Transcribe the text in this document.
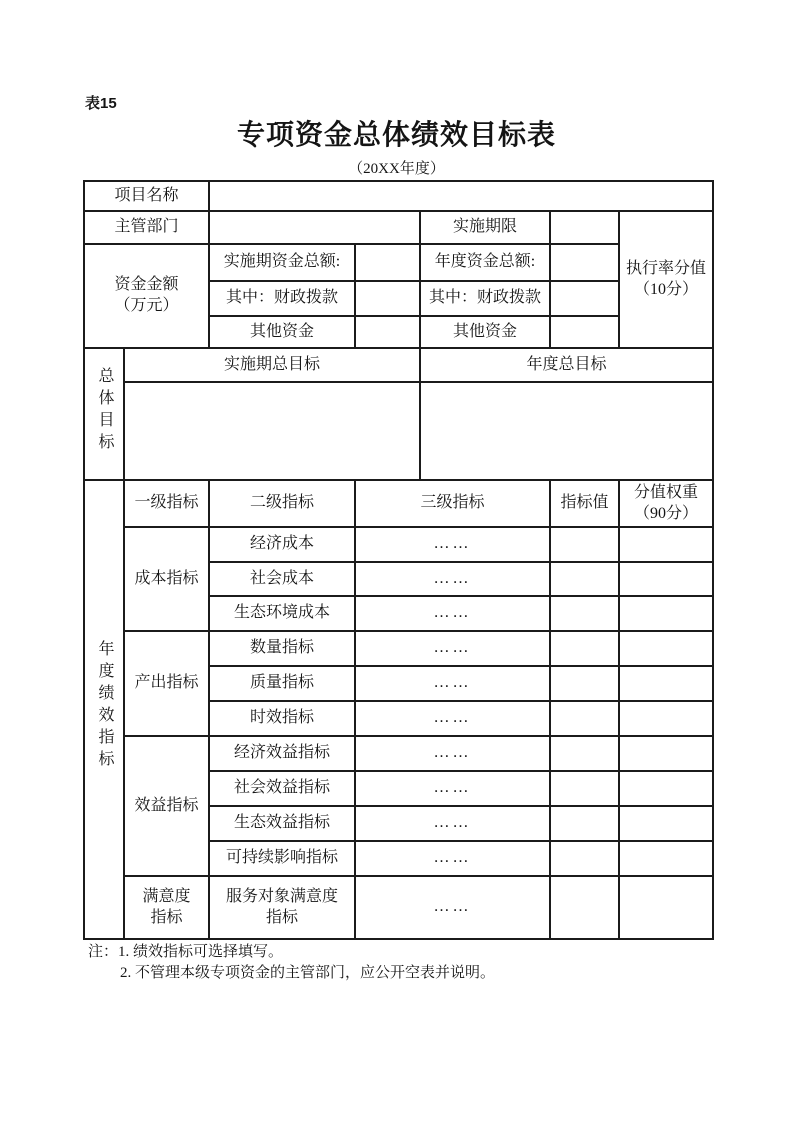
表15
专项资金总体绩效目标表
（20XX年度）
项目名称						
主管部门				实施期限		执行率分值
（10分）

资金金额
（万元）		实施期资金总额:		年度资金总额:		
		其中：财政拨款		其中：财政拨款		
		其他资金		其他资金		
总体目标	实施期总目标			年度总目标		

年度绩效指标	一级指标	二级指标	三级指标		指标值	分值权重
（90分）

	成本指标	经济成本	……			
		社会成本	……			
		生态环境成本	……			
	产出指标	数量指标	……			
		质量指标	……			
		时效指标	……			
	效益指标	经济效益指标	……			
		社会效益指标	……			
		生态效益指标	……			
		可持续影响指标	……			
	满意度指标	服务对象满意度指标	……			
注：1. 绩效指标可选择填写。
2. 不管理本级专项资金的主管部门，应公开空表并说明。
